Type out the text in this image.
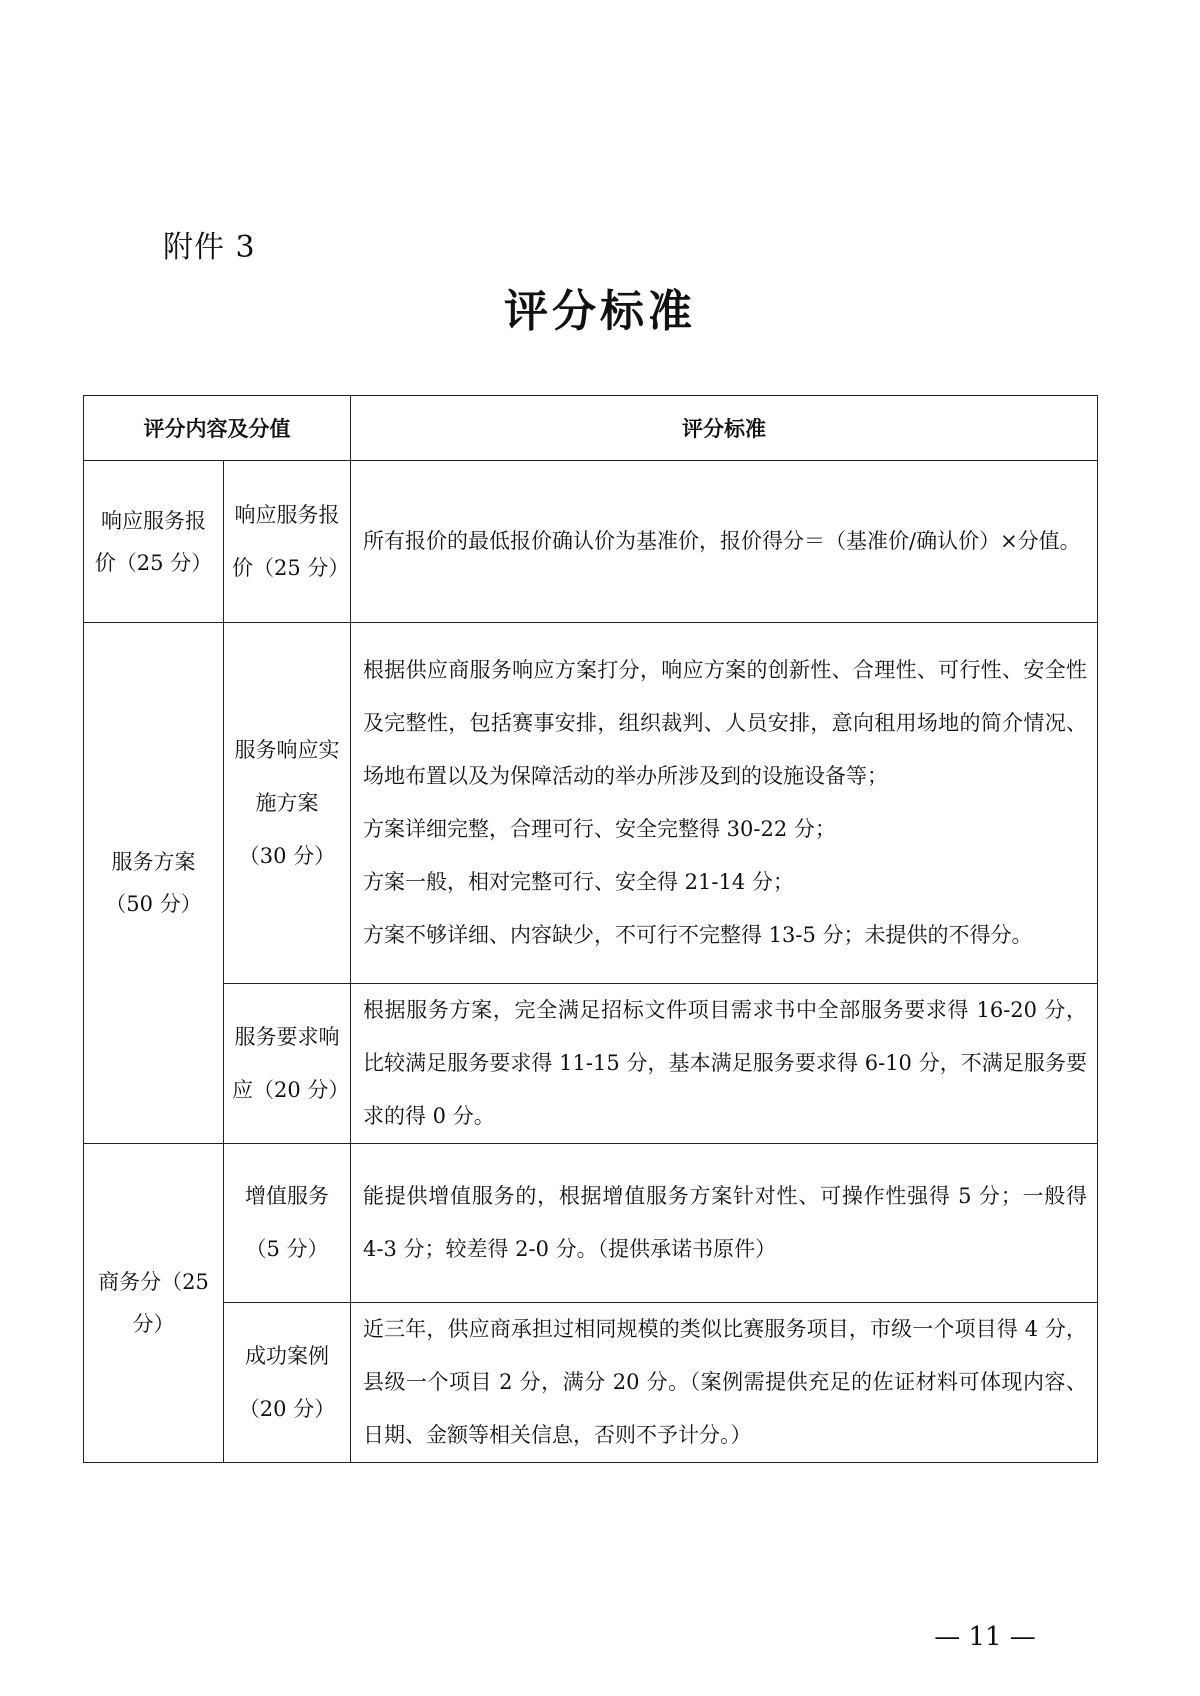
附件 3
评分标准
评分内容及分值		评分标准
响应服务报价（25 分）	响应服务报价（25 分）	所有报价的最低报价确认价为基准价，报价得分＝（基准价/确认价）×分值。

服务方案（50 分）	服务响应实施方案（30 分）	根据供应商服务响应方案打分，响应方案的创新性、合理性、可行性、安全性及完整性，包括赛事安排，组织裁判、人员安排，意向租用场地的简介情况、场地布置以及为保障活动的举办所涉及到的设施设备等；
方案详细完整，合理可行、安全完整得 30-22 分；
方案一般，相对完整可行、安全得 21-14 分；
方案不够详细、内容缺少，不可行不完整得 13-5 分；未提供的不得分。

	服务要求响应（20 分）	根据服务方案，完全满足招标文件项目需求书中全部服务要求得 16-20 分，比较满足服务要求得 11-15 分，基本满足服务要求得 6-10 分，不满足服务要求的得 0 分。

商务分（25 分）	增值服务（5 分）	能提供增值服务的，根据增值服务方案针对性、可操作性强得 5 分；一般得 4-3 分；较差得 2-0 分。（提供承诺书原件）

	成功案例（20 分）	近三年，供应商承担过相同规模的类似比赛服务项目，市级一个项目得 4 分，县级一个项目 2 分，满分 20 分。（案例需提供充足的佐证材料可体现内容、日期、金额等相关信息，否则不予计分。）
— 11 —
